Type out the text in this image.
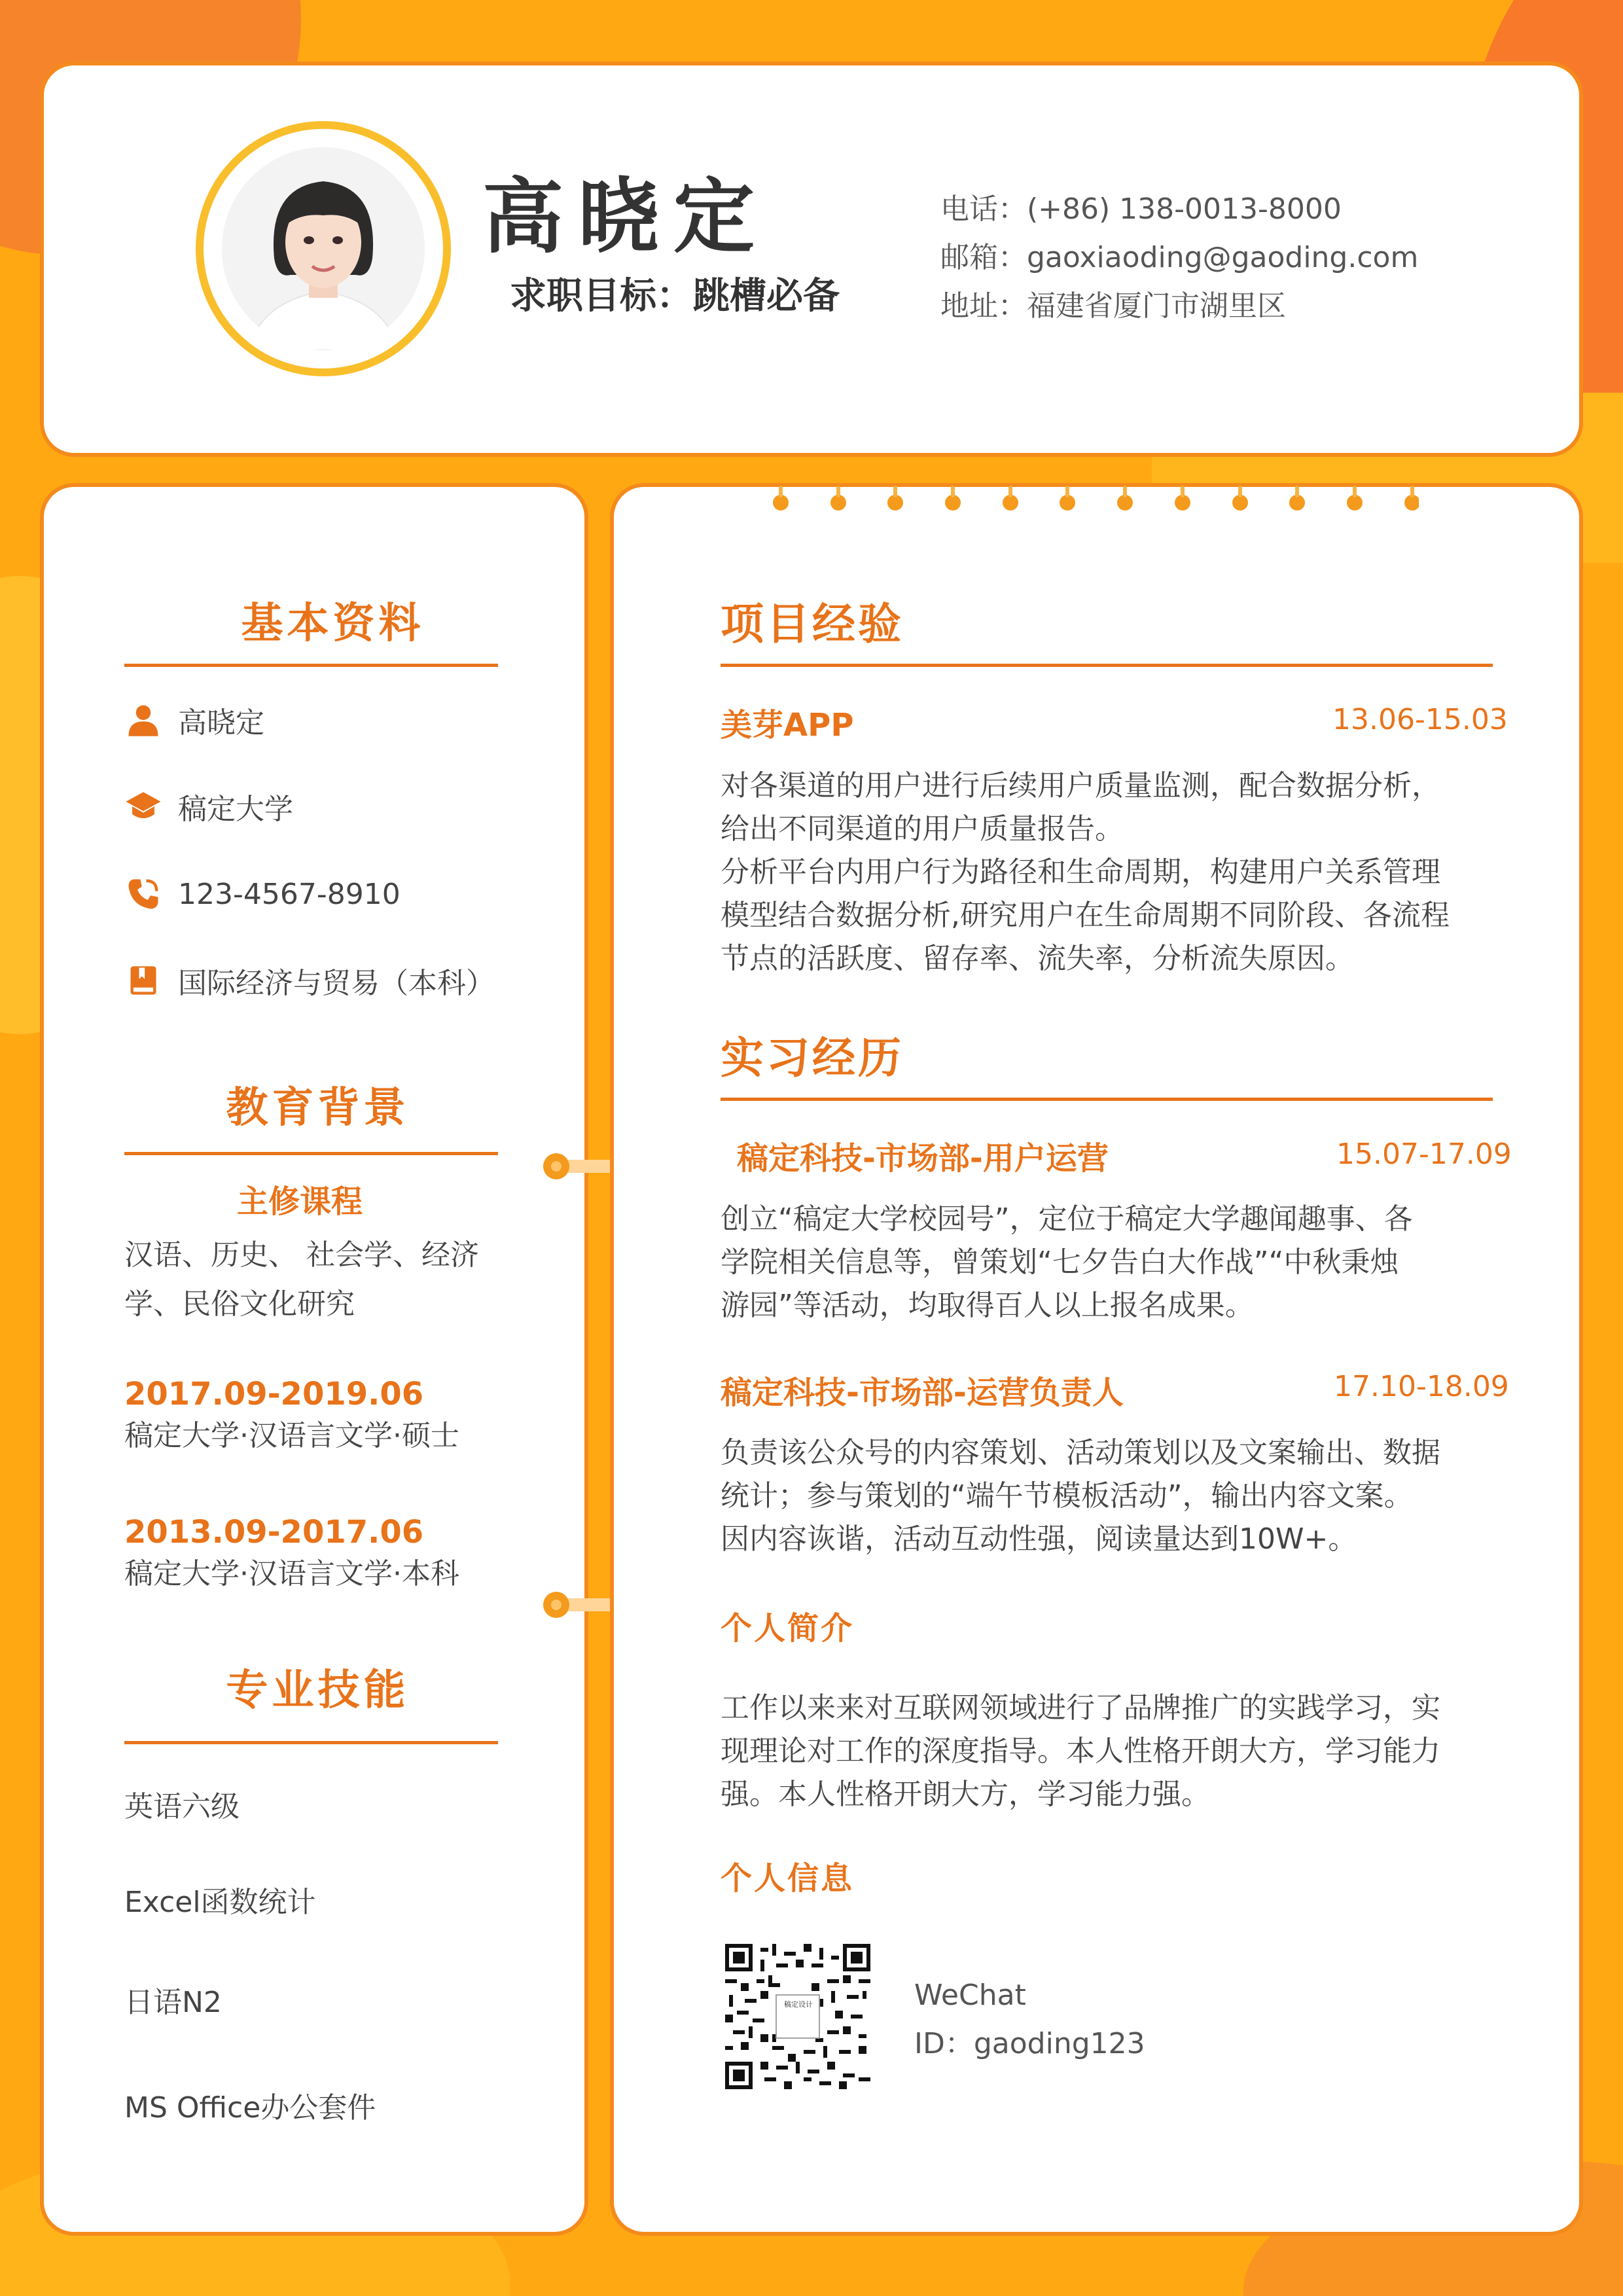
高晓定
求职目标：跳槽必备
电话：(+86) 138-0013-8000
邮箱：gaoxiaoding@gaoding.com
地址：福建省厦门市湖里区
基本资料
高晓定
稿定大学
123-4567-8910
国际经济与贸易（本科）
教育背景
主修课程
汉语、历史、 社会学、经济
学、民俗文化研究
2017.09-2019.06
稿定大学·汉语言文学·硕士
2013.09-2017.06
稿定大学·汉语言文学·本科
专业技能
英语六级
Excel函数统计
日语N2
MS Office办公套件
项目经验
美芽APP	13.06-15.03
对各渠道的用户进行后续用户质量监测，配合数据分析，
给出不同渠道的用户质量报告。
分析平台内用户行为路径和生命周期，构建用户关系管理
模型结合数据分析,研究用户在生命周期不同阶段、各流程
节点的活跃度、留存率、流失率，分析流失原因。
实习经历
稿定科技-市场部-用户运营	15.07-17.09
创立“稿定大学校园号”，定位于稿定大学趣闻趣事、各
学院相关信息等，曾策划“七夕告白大作战”“中秋秉烛
游园”等活动，均取得百人以上报名成果。
稿定科技-市场部-运营负责人	17.10-18.09
负责该公众号的内容策划、活动策划以及文案输出、数据
统计；参与策划的“端午节模板活动”，输出内容文案。
因内容诙谐，活动互动性强，阅读量达到10W+。
个人简介
工作以来来对互联网领域进行了品牌推广的实践学习，实
现理论对工作的深度指导。本人性格开朗大方，学习能力
强。本人性格开朗大方，学习能力强。
个人信息
稿定设计	WeChat
ID：gaoding123
